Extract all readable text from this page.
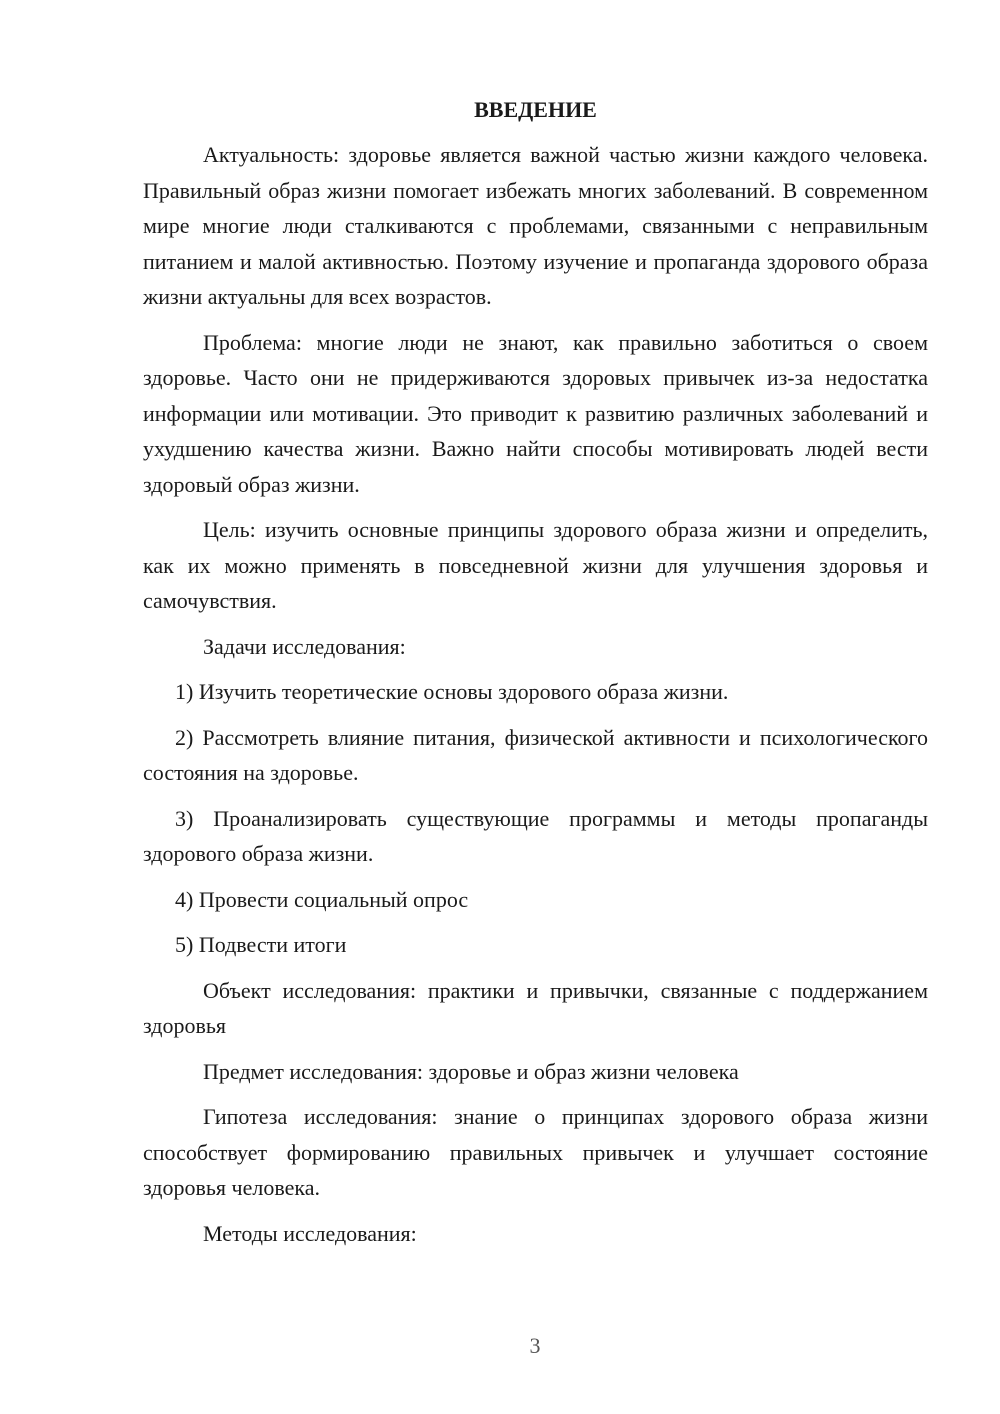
ВВЕДЕНИЕ

Актуальность: здоровье является важной частью жизни каждого человека. Правильный образ жизни помогает избежать многих заболеваний. В современном мире многие люди сталкиваются с проблемами, связанными с неправильным питанием и малой активностью. Поэтому изучение и пропаганда здорового образа жизни актуальны для всех возрастов.

Проблема: многие люди не знают, как правильно заботиться о своем здоровье. Часто они не придерживаются здоровых привычек из-за недостатка информации или мотивации. Это приводит к развитию различных заболеваний и ухудшению качества жизни. Важно найти способы мотивировать людей вести здоровый образ жизни.

Цель: изучить основные принципы здорового образа жизни и определить, как их можно применять в повседневной жизни для улучшения здоровья и самочувствия.

Задачи исследования:

1) Изучить теоретические основы здорового образа жизни.

2) Рассмотреть влияние питания, физической активности и психологического состояния на здоровье.

3) Проанализировать существующие программы и методы пропаганды здорового образа жизни.

4) Провести социальный опрос

5) Подвести итоги

Объект исследования: практики и привычки, связанные с поддержанием здоровья

Предмет исследования: здоровье и образ жизни человека

Гипотеза исследования: знание о принципах здорового образа жизни способствует формированию правильных привычек и улучшает состояние здоровья человека.

Методы исследования:

3
